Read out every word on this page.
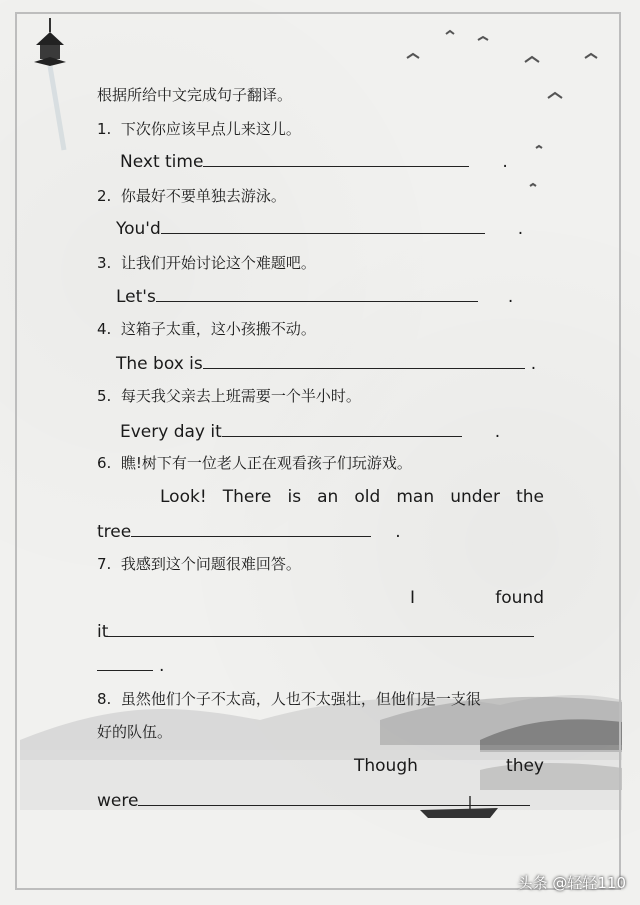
根据所给中文完成句子翻译。
1. 下次你应该早点儿来这儿。
Next time	.
2. 你最好不要单独去游泳。
You'd	.
3. 让我们开始讨论这个难题吧。
Let's	.
4. 这箱子太重，这小孩搬不动。
The box is	.
5. 每天我父亲去上班需要一个半小时。
Every day it	.
6. 瞧!树下有一位老人正在观看孩子们玩游戏。
Look! There is an old man under the
tree	.
7. 我感到这个问题很难回答。
I	found
it
.
8. 虽然他们个子不太高，人也不太强壮，但他们是一支很
好的队伍。
Though	they
were
头条 @轻轻110
